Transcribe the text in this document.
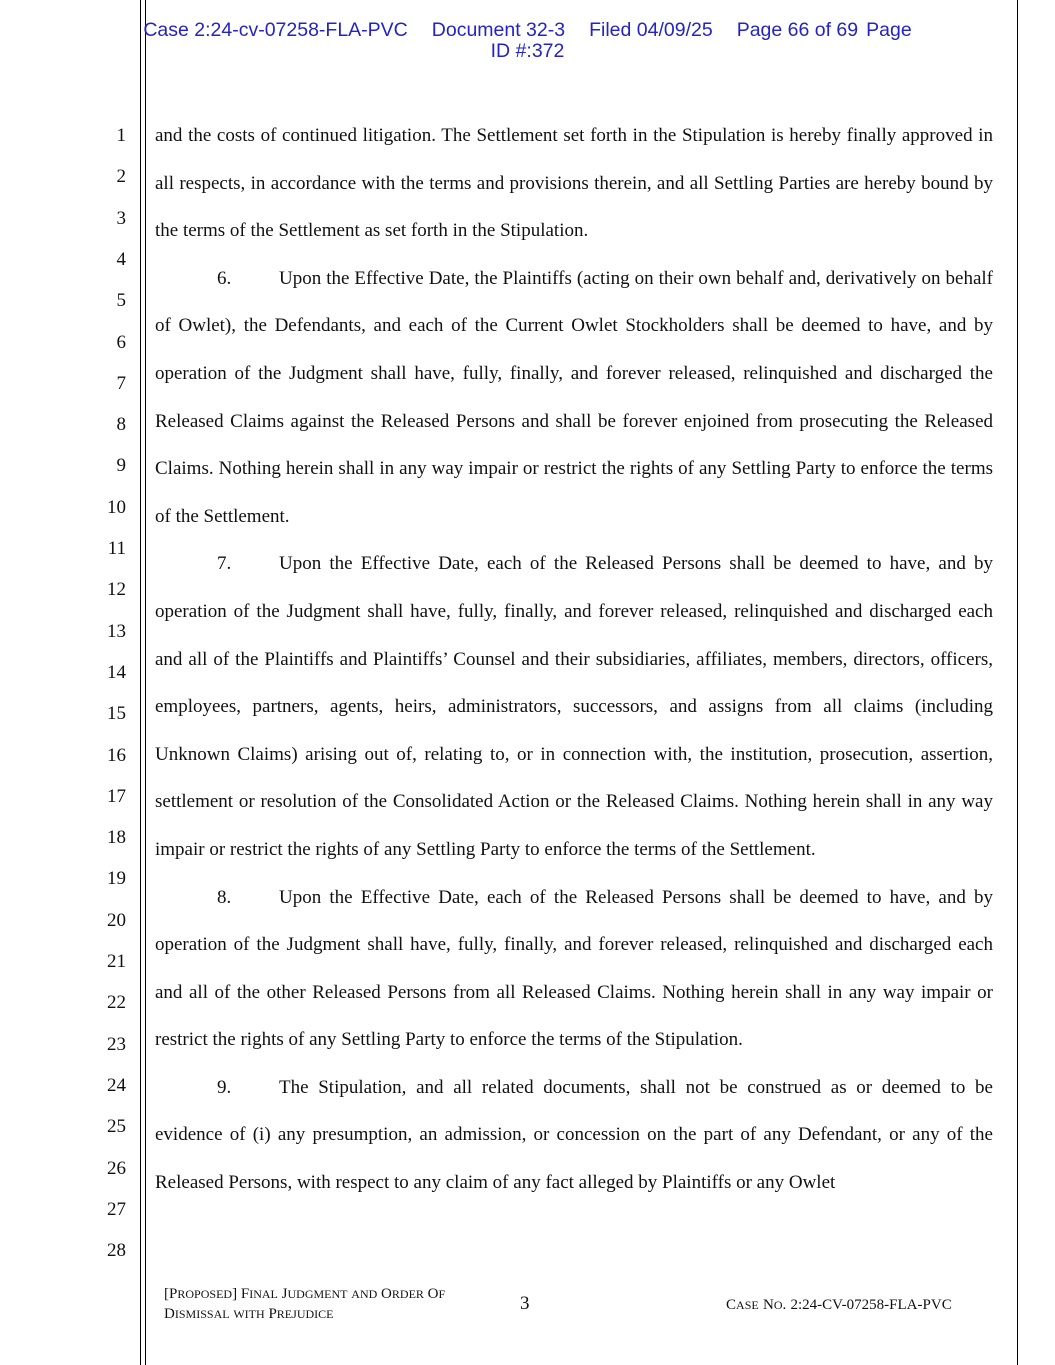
Case 2:24-cv-07258-FLA-PVC Document 32-3 Filed 04/09/25 Page 66 of 69 Page
ID #:372
1
2
3
4
5
6
7
8
9
10
11
12
13
14
15
16
17
18
19
20
21
22
23
24
25
26
27
28

and the costs of continued litigation. The Settlement set forth in the Stipulation is hereby finally approved in all respects, in accordance with the terms and provisions therein, and all Settling Parties are hereby bound by the terms of the Settlement as set forth in the Stipulation.

6.	Upon the Effective Date, the Plaintiffs (acting on their own behalf and, derivatively on behalf of Owlet), the Defendants, and each of the Current Owlet Stockholders shall be deemed to have, and by operation of the Judgment shall have, fully, finally, and forever released, relinquished and discharged the Released Claims against the Released Persons and shall be forever enjoined from prosecuting the Released Claims. Nothing herein shall in any way impair or restrict the rights of any Settling Party to enforce the terms of the Settlement.

7.	Upon the Effective Date, each of the Released Persons shall be deemed to have, and by operation of the Judgment shall have, fully, finally, and forever released, relinquished and discharged each and all of the Plaintiffs and Plaintiffs’ Counsel and their subsidiaries, affiliates, members, directors, officers, employees, partners, agents, heirs, administrators, successors, and assigns from all claims (including Unknown Claims) arising out of, relating to, or in connection with, the institution, prosecution, assertion, settlement or resolution of the Consolidated Action or the Released Claims. Nothing herein shall in any way impair or restrict the rights of any Settling Party to enforce the terms of the Settlement.

8.	Upon the Effective Date, each of the Released Persons shall be deemed to have, and by operation of the Judgment shall have, fully, finally, and forever released, relinquished and discharged each and all of the other Released Persons from all Released Claims. Nothing herein shall in any way impair or restrict the rights of any Settling Party to enforce the terms of the Stipulation.

9.	The Stipulation, and all related documents, shall not be construed as or deemed to be evidence of (i) any presumption, an admission, or concession on the part of any Defendant, or any of the Released Persons, with respect to any claim of any fact alleged by Plaintiffs or any Owlet

[PROPOSED] FINAL JUDGMENT AND ORDER OF
DISMISSAL WITH PREJUDICE	3	CASE NO. 2:24-CV-07258-FLA-PVC
